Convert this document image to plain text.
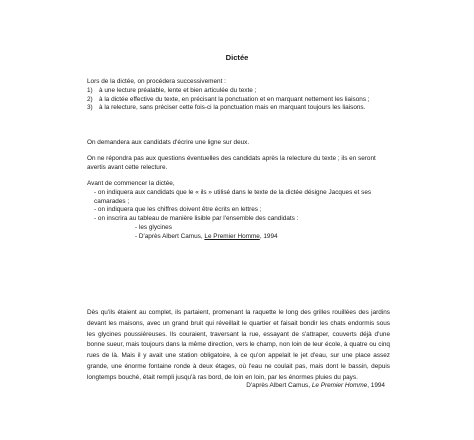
Dictée

Lors de la dictée, on procédera successivement :

1) à une lecture préalable, lente et bien articulée du texte ;
2) à la dictée effective du texte, en précisant la ponctuation et en marquant nettement les liaisons ;
3) à la relecture, sans préciser cette fois-ci la ponctuation mais en marquant toujours les liaisons.

On demandera aux candidats d'écrire une ligne sur deux.

On ne répondra pas aux questions éventuelles des candidats après la relecture du texte ; ils en seront avertis avant cette relecture.

Avant de commencer la dictée,

- on indiquera aux candidats que le « ils » utilisé dans le texte de la dictée désigne Jacques et ses camarades ;
- on indiquera que les chiffres doivent être écrits en lettres ;
- on inscrira au tableau de manière lisible par l'ensemble des candidats :
- les glycines
- D'après Albert Camus, Le Premier Homme, 1994

Dès qu'ils étaient au complet, ils partaient, promenant la raquette le long des grilles rouillées des jardins devant les maisons, avec un grand bruit qui réveillait le quartier et faisait bondir les chats endormis sous les glycines poussiéreuses. Ils couraient, traversant la rue, essayant de s'attraper, couverts déjà d'une bonne sueur, mais toujours dans la même direction, vers le champ, non loin de leur école, à quatre ou cinq rues de là. Mais il y avait une station obligatoire, à ce qu'on appelait le jet d'eau, sur une place assez grande, une énorme fontaine ronde à deux étages, où l'eau ne coulait pas, mais dont le bassin, depuis longtemps bouché, était rempli jusqu'à ras bord, de loin en loin, par les énormes pluies du pays.

D'après Albert Camus, Le Premier Homme, 1994
